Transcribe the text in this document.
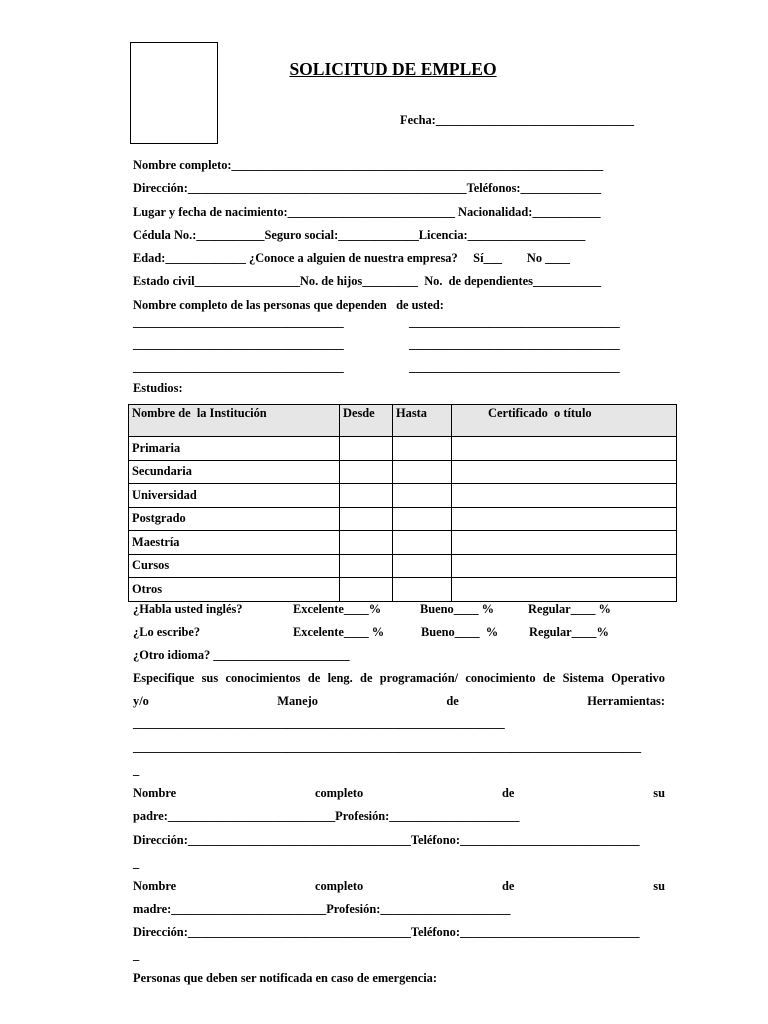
SOLICITUD DE EMPLEO
Fecha:________________________________
Nombre completo:____________________________________________________________
Dirección:_____________________________________________Teléfonos:_____________
Lugar y fecha de nacimiento:___________________________ Nacionalidad:___________
Cédula No.:___________Seguro social:_____________Licencia:___________________
Edad:_____________ ¿Conoce a alguien de nuestra empresa?     Sí___        No ____
Estado civil_________________No. de hijos_________  No.  de dependientes___________
Nombre completo de las personas que dependen   de usted:
__________________________________	__________________________________
__________________________________	__________________________________
__________________________________	__________________________________
Estudios:
Nombre de  la Institución	Desde	Hasta	Certificado  o título
Primaria			
Secundaria			
Universidad			
Postgrado			
Maestría			
Cursos			
Otros			
¿Habla usted inglés?	Excelente____%	Bueno____ %	Regular____ %
¿Lo escribe?	Excelente____ %	Bueno____  % Regular____%
¿Otro idioma? ______________________
Especifique sus conocimientos de leng. de programación/ conocimiento de Sistema Operativo
y/o	Manejo	de	Herramientas:
____________________________________________________________
__________________________________________________________________________________
_
Nombre	completo	de	su
padre:___________________________Profesión:_____________________
Dirección:____________________________________Teléfono:_____________________________
_
Nombre	completo	de	su
madre:_________________________Profesión:_____________________
Dirección:____________________________________Teléfono:_____________________________
_
Personas que deben ser notificada en caso de emergencia:
